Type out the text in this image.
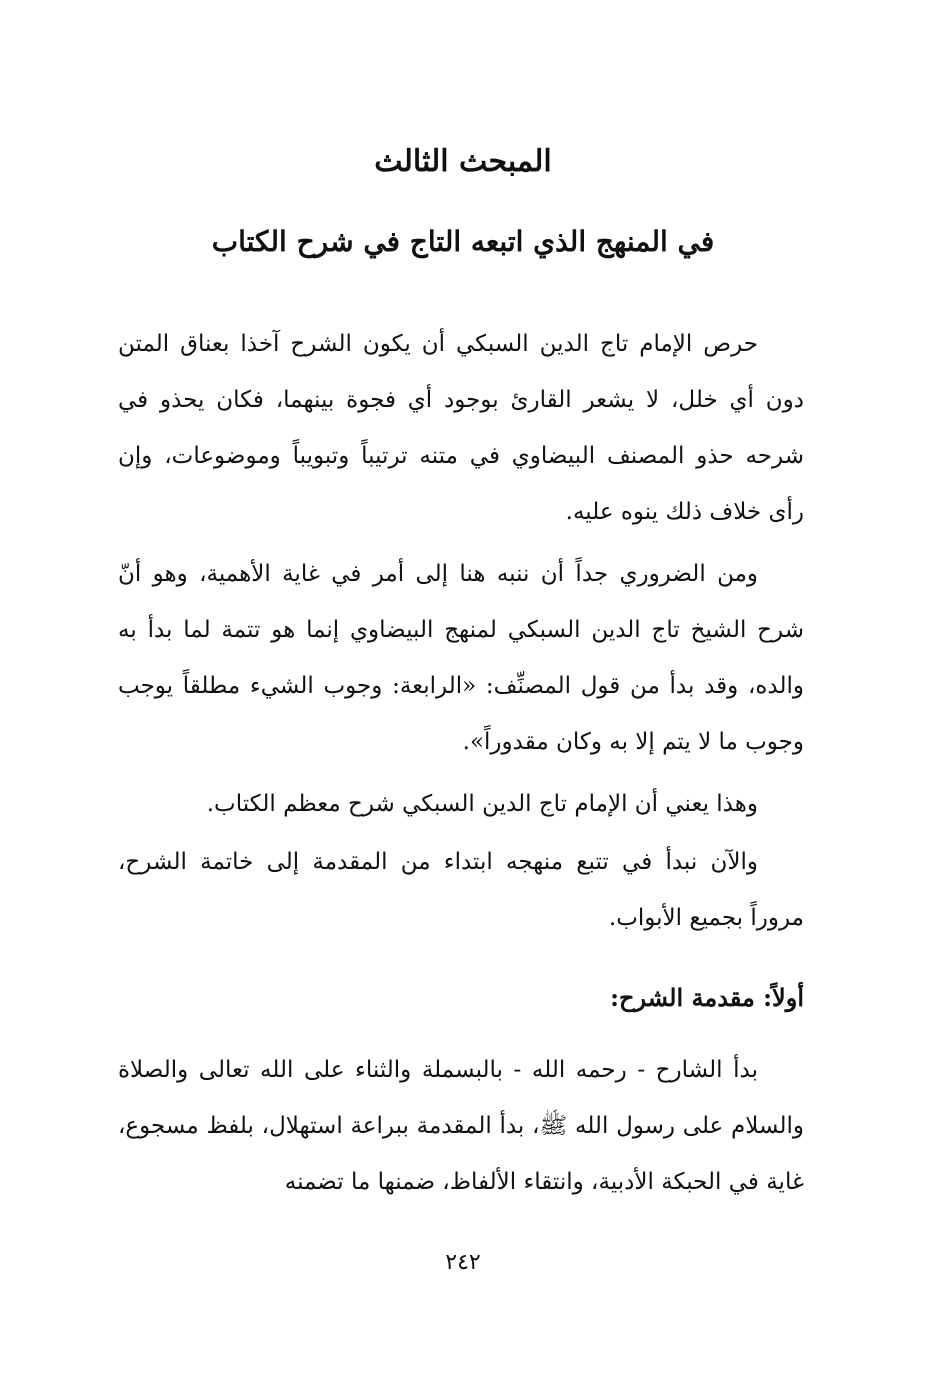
المبحث الثالث
في المنهج الذي اتبعه التاج في شرح الكتاب

حرص الإمام تاج الدين السبكي أن يكون الشرح آخذا بعناق المتن دون أي خلل، لا يشعر القارئ بوجود أي فجوة بينهما، فكان يحذو في شرحه حذو المصنف البيضاوي في متنه ترتيباً وتبويباً وموضوعات، وإن رأى خلاف ذلك ينوه عليه.

ومن الضروري جداً أن ننبه هنا إلى أمر في غاية الأهمية، وهو أنّ شرح الشيخ تاج الدين السبكي لمنهج البيضاوي إنما هو تتمة لما بدأ به والده، وقد بدأ من قول المصنِّف: «الرابعة: وجوب الشيء مطلقاً يوجب وجوب ما لا يتم إلا به وكان مقدوراً».

وهذا يعني أن الإمام تاج الدين السبكي شرح معظم الكتاب.

والآن نبدأ في تتبع منهجه ابتداء من المقدمة إلى خاتمة الشرح، مروراً بجميع الأبواب.

أولاً: مقدمة الشرح:

بدأ الشارح - رحمه الله - بالبسملة والثناء على الله تعالى والصلاة والسلام على رسول الله ﷺ، بدأ المقدمة ببراعة استهلال، بلفظ مسجوع، غاية في الحبكة الأدبية، وانتقاء الألفاظ، ضمنها ما تضمنه

٢٤٢
